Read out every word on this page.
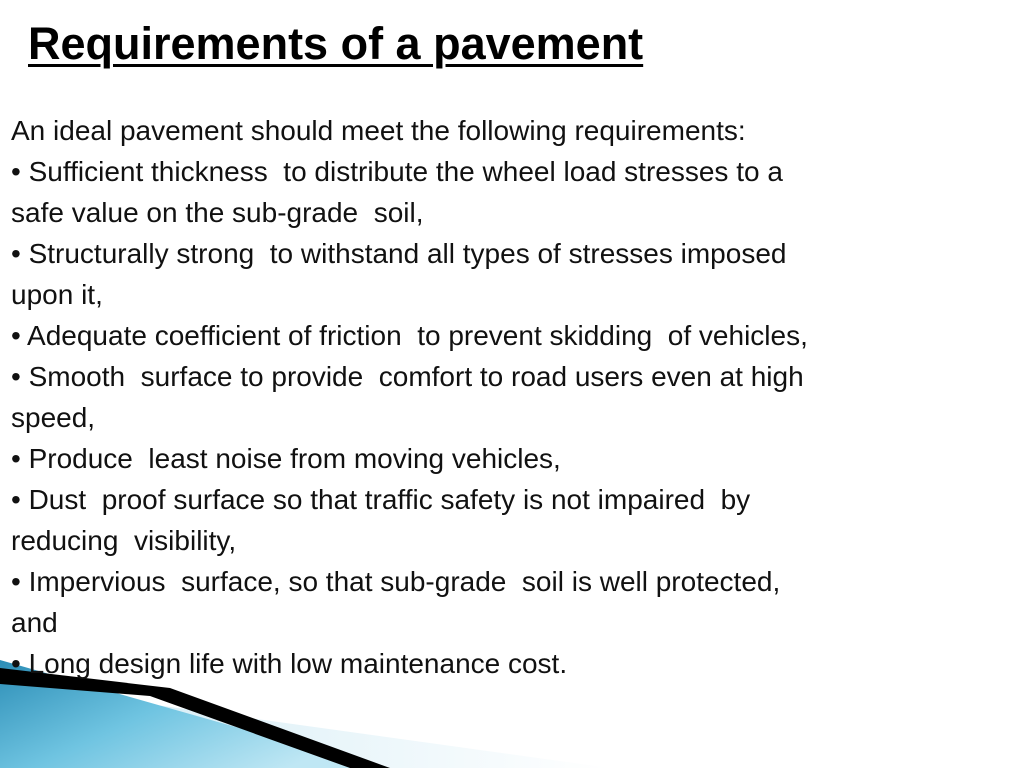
Requirements of a pavement
An ideal pavement should meet the following requirements:
• Sufficient thickness  to distribute the wheel load stresses to a
safe value on the sub-grade  soil,
• Structurally strong  to withstand all types of stresses imposed
upon it,
• Adequate coefficient of friction  to prevent skidding  of vehicles,
• Smooth  surface to provide  comfort to road users even at high
speed,
• Produce  least noise from moving vehicles,
• Dust  proof surface so that traffic safety is not impaired  by
reducing  visibility,
• Impervious  surface, so that sub-grade  soil is well protected,
and
• Long design life with low maintenance cost.
